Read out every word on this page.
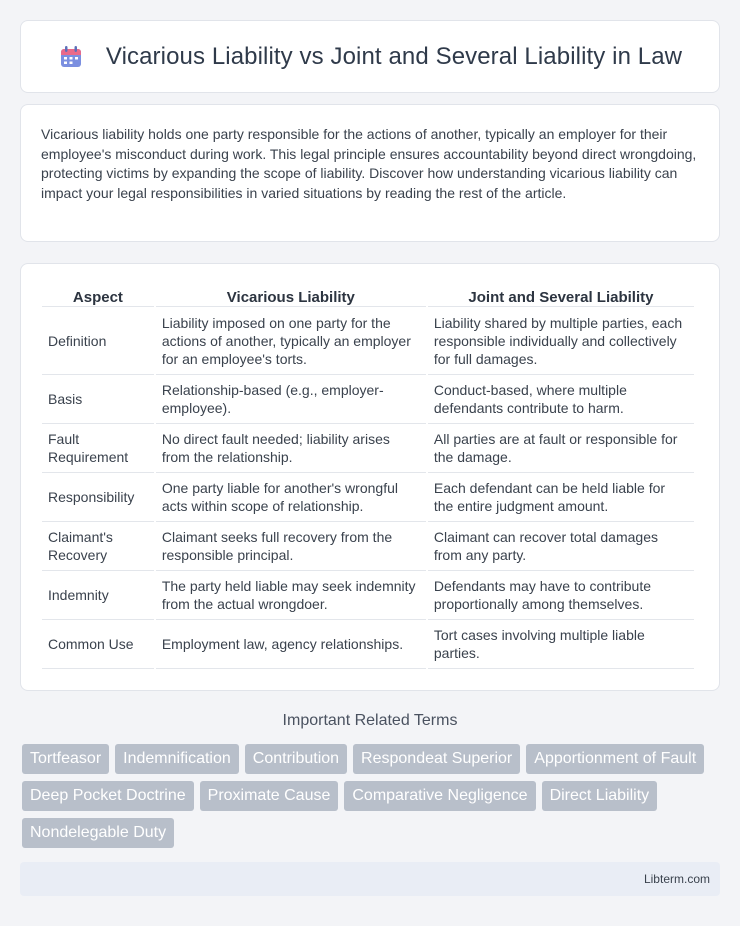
Vicarious Liability vs Joint and Several Liability in Law

Vicarious liability holds one party responsible for the actions of another, typically an employer for their employee's misconduct during work. This legal principle ensures accountability beyond direct wrongdoing, protecting victims by expanding the scope of liability. Discover how understanding vicarious liability can impact your legal responsibilities in varied situations by reading the rest of the article.

Aspect	Vicarious Liability	Joint and Several Liability
Definition	Liability imposed on one party for the actions of another, typically an employer for an employee's torts.	Liability shared by multiple parties, each responsible individually and collectively for full damages.
Basis	Relationship-based (e.g., employer-employee).	Conduct-based, where multiple defendants contribute to harm.
Fault Requirement	No direct fault needed; liability arises from the relationship.	All parties are at fault or responsible for the damage.
Responsibility	One party liable for another's wrongful acts within scope of relationship.	Each defendant can be held liable for the entire judgment amount.
Claimant's Recovery	Claimant seeks full recovery from the responsible principal.	Claimant can recover total damages from any party.
Indemnity	The party held liable may seek indemnity from the actual wrongdoer.	Defendants may have to contribute proportionally among themselves.
Common Use	Employment law, agency relationships.	Tort cases involving multiple liable parties.
Important Related Terms
Tortfeasor	Indemnification	Contribution	Respondeat Superior	Apportionment of Fault
Deep Pocket Doctrine	Proximate Cause	Comparative Negligence	Direct Liability
Nondelegable Duty
Libterm.com
